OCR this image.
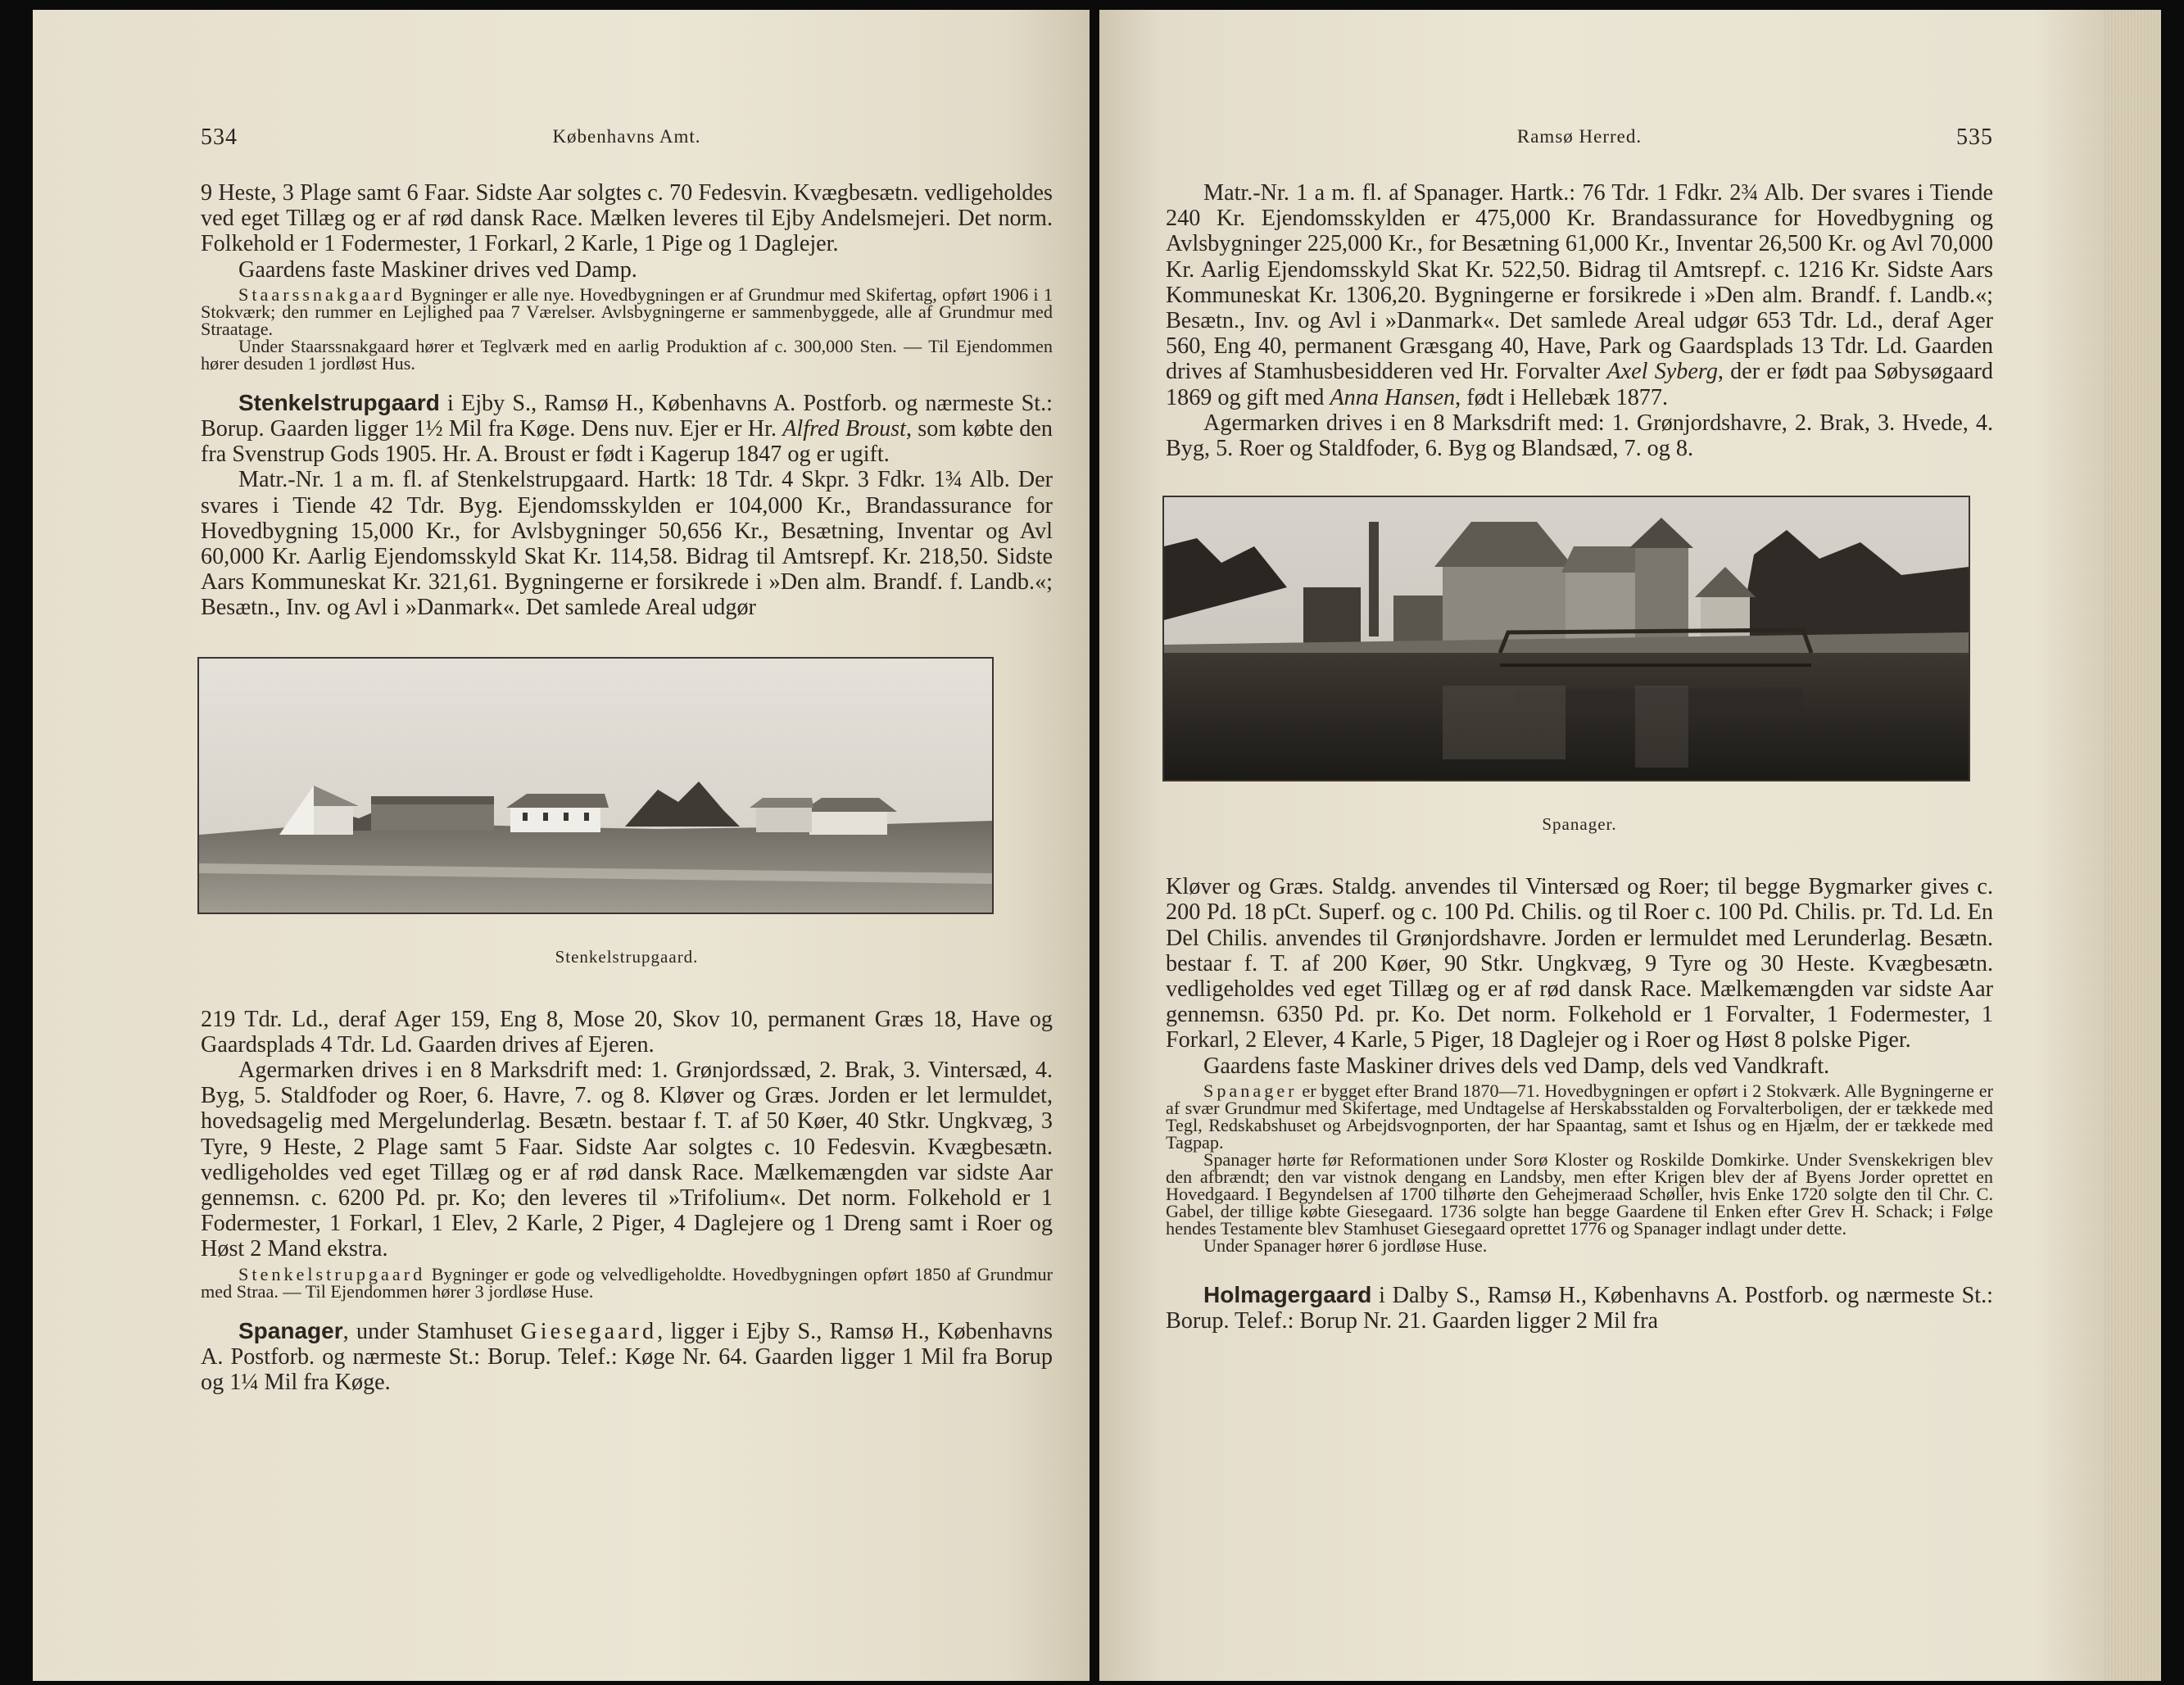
534	Københavns Amt.

9 Heste, 3 Plage samt 6 Faar. Sidste Aar solgtes c. 70 Fedesvin. Kvægbesætn. vedligeholdes ved eget Tillæg og er af rød dansk Race. Mælken leveres til Ejby Andelsmejeri. Det norm. Folkehold er 1 Fodermester, 1 Forkarl, 2 Karle, 1 Pige og 1 Daglejer.

Gaardens faste Maskiner drives ved Damp.

Staarssnakgaard Bygninger er alle nye. Hovedbygningen er af Grundmur med Skifertag, opført 1906 i 1 Stokværk; den rummer en Lejlighed paa 7 Værelser. Avlsbygningerne er sammenbyggede, alle af Grundmur med Straatage.

Under Staarssnakgaard hører et Teglværk med en aarlig Produktion af c. 300,000 Sten. — Til Ejendommen hører desuden 1 jordløst Hus.

Stenkelstrupgaard i Ejby S., Ramsø H., Københavns A. Postforb. og nærmeste St.: Borup. Gaarden ligger 1½ Mil fra Køge. Dens nuv. Ejer er Hr. Alfred Broust, som købte den fra Svenstrup Gods 1905. Hr. A. Broust er født i Kagerup 1847 og er ugift.

Matr.-Nr. 1 a m. fl. af Stenkelstrupgaard. Hartk: 18 Tdr. 4 Skpr. 3 Fdkr. 1¾ Alb. Der svares i Tiende 42 Tdr. Byg. Ejendomsskylden er 104,000 Kr., Brandassurance for Hovedbygning 15,000 Kr., for Avlsbygninger 50,656 Kr., Besætning, Inventar og Avl 60,000 Kr. Aarlig Ejendomsskyld Skat Kr. 114,58. Bidrag til Amtsrepf. Kr. 218,50. Sidste Aars Kommuneskat Kr. 321,61. Bygningerne er forsikrede i »Den alm. Brandf. f. Landb.«; Besætn., Inv. og Avl i »Danmark«. Det samlede Areal udgør

Stenkelstrupgaard.

219 Tdr. Ld., deraf Ager 159, Eng 8, Mose 20, Skov 10, permanent Græs 18, Have og Gaardsplads 4 Tdr. Ld. Gaarden drives af Ejeren.

Agermarken drives i en 8 Marksdrift med: 1. Grønjordssæd, 2. Brak, 3. Vintersæd, 4. Byg, 5. Staldfoder og Roer, 6. Havre, 7. og 8. Kløver og Græs. Jorden er let lermuldet, hovedsagelig med Mergelunderlag. Besætn. bestaar f. T. af 50 Køer, 40 Stkr. Ungkvæg, 3 Tyre, 9 Heste, 2 Plage samt 5 Faar. Sidste Aar solgtes c. 10 Fedesvin. Kvægbesætn. vedligeholdes ved eget Tillæg og er af rød dansk Race. Mælkemængden var sidste Aar gennemsn. c. 6200 Pd. pr. Ko; den leveres til »Trifolium«. Det norm. Folkehold er 1 Fodermester, 1 Forkarl, 1 Elev, 2 Karle, 2 Piger, 4 Daglejere og 1 Dreng samt i Roer og Høst 2 Mand ekstra.

Stenkelstrupgaard Bygninger er gode og velvedligeholdte. Hovedbygningen opført 1850 af Grundmur med Straa. — Til Ejendommen hører 3 jordløse Huse.

Spanager, under Stamhuset Giesegaard, ligger i Ejby S., Ramsø H., Københavns A. Postforb. og nærmeste St.: Borup. Telef.: Køge Nr. 64. Gaarden ligger 1 Mil fra Borup og 1¼ Mil fra Køge.

Ramsø Herred.	535

Matr.-Nr. 1 a m. fl. af Spanager. Hartk.: 76 Tdr. 1 Fdkr. 2¾ Alb. Der svares i Tiende 240 Kr. Ejendomsskylden er 475,000 Kr. Brandassurance for Hovedbygning og Avlsbygninger 225,000 Kr., for Besætning 61,000 Kr., Inventar 26,500 Kr. og Avl 70,000 Kr. Aarlig Ejendomsskyld Skat Kr. 522,50. Bidrag til Amtsrepf. c. 1216 Kr. Sidste Aars Kommuneskat Kr. 1306,20. Bygningerne er forsikrede i »Den alm. Brandf. f. Landb.«; Besætn., Inv. og Avl i »Danmark«. Det samlede Areal udgør 653 Tdr. Ld., deraf Ager 560, Eng 40, permanent Græsgang 40, Have, Park og Gaardsplads 13 Tdr. Ld. Gaarden drives af Stamhusbesidderen ved Hr. Forvalter Axel Syberg, der er født paa Søbysøgaard 1869 og gift med Anna Hansen, født i Hellebæk 1877.

Agermarken drives i en 8 Marksdrift med: 1. Grønjordshavre, 2. Brak, 3. Hvede, 4. Byg, 5. Roer og Staldfoder, 6. Byg og Blandsæd, 7. og 8.

Spanager.

Kløver og Græs. Staldg. anvendes til Vintersæd og Roer; til begge Bygmarker gives c. 200 Pd. 18 pCt. Superf. og c. 100 Pd. Chilis. og til Roer c. 100 Pd. Chilis. pr. Td. Ld. En Del Chilis. anvendes til Grønjordshavre. Jorden er lermuldet med Lerunderlag. Besætn. bestaar f. T. af 200 Køer, 90 Stkr. Ungkvæg, 9 Tyre og 30 Heste. Kvægbesætn. vedligeholdes ved eget Tillæg og er af rød dansk Race. Mælkemængden var sidste Aar gennemsn. 6350 Pd. pr. Ko. Det norm. Folkehold er 1 Forvalter, 1 Fodermester, 1 Forkarl, 2 Elever, 4 Karle, 5 Piger, 18 Daglejer og i Roer og Høst 8 polske Piger.

Gaardens faste Maskiner drives dels ved Damp, dels ved Vandkraft.

Spanager er bygget efter Brand 1870—71. Hovedbygningen er opført i 2 Stokværk. Alle Bygningerne er af svær Grundmur med Skifertage, med Undtagelse af Herskabsstalden og Forvalterboligen, der er tækkede med Tegl, Redskabshuset og Arbejdsvognporten, der har Spaantag, samt et Ishus og en Hjælm, der er tækkede med Tagpap.

Spanager hørte før Reformationen under Sorø Kloster og Roskilde Domkirke. Under Svenskekrigen blev den afbrændt; den var vistnok dengang en Landsby, men efter Krigen blev der af Byens Jorder oprettet en Hovedgaard. I Begyndelsen af 1700 tilhørte den Gehejmeraad Schøller, hvis Enke 1720 solgte den til Chr. C. Gabel, der tillige købte Giesegaard. 1736 solgte han begge Gaardene til Enken efter Grev H. Schack; i Følge hendes Testamente blev Stamhuset Giesegaard oprettet 1776 og Spanager indlagt under dette.

Under Spanager hører 6 jordløse Huse.

Holmagergaard i Dalby S., Ramsø H., Københavns A. Postforb. og nærmeste St.: Borup. Telef.: Borup Nr. 21. Gaarden ligger 2 Mil fra
